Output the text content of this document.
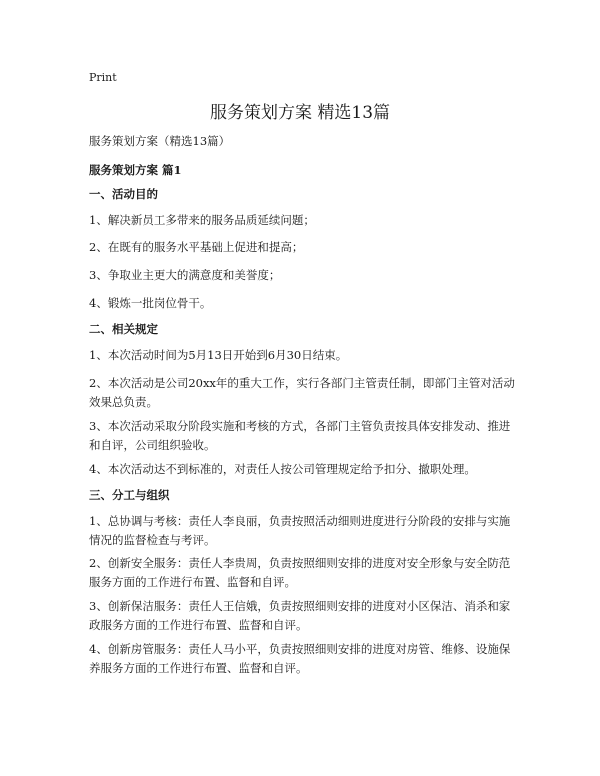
Print
服务策划方案 精选13篇
服务策划方案（精选13篇）
服务策划方案 篇1
一、活动目的
1、解决新员工多带来的服务品质延续问题；
2、在既有的服务水平基础上促进和提高；
3、争取业主更大的满意度和美誉度；
4、锻炼一批岗位骨干。
二、相关规定
1、本次活动时间为5月13日开始到6月30日结束。
2、本次活动是公司20xx年的重大工作，实行各部门主管责任制，即部门主管对活动效果总负责。
3、本次活动采取分阶段实施和考核的方式，各部门主管负责按具体安排发动、推进和自评，公司组织验收。
4、本次活动达不到标准的，对责任人按公司管理规定给予扣分、撤职处理。
三、分工与组织
1、总协调与考核：责任人李良丽，负责按照活动细则进度进行分阶段的安排与实施情况的监督检查与考评。
2、创新安全服务：责任人李贵周，负责按照细则安排的进度对安全形象与安全防范服务方面的工作进行布置、监督和自评。
3、创新保洁服务：责任人王信娥，负责按照细则安排的进度对小区保洁、消杀和家政服务方面的工作进行布置、监督和自评。
4、创新房管服务：责任人马小平，负责按照细则安排的进度对房管、维修、设施保养服务方面的工作进行布置、监督和自评。
